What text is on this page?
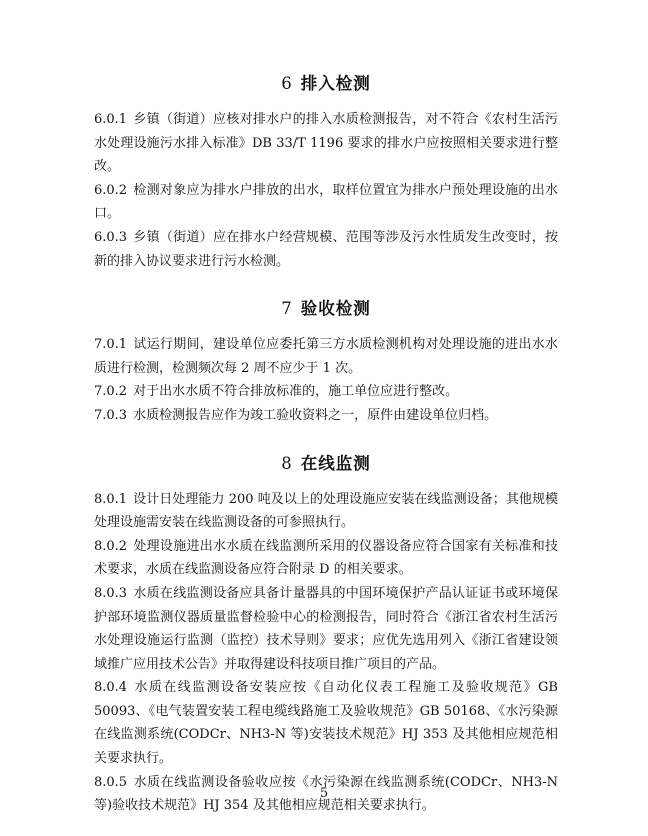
6 排入检测

6.0.1 乡镇（街道）应核对排水户的排入水质检测报告，对不符合《农村生活污水处理设施污水排入标准》DB 33/T 1196 要求的排水户应按照相关要求进行整改。

6.0.2 检测对象应为排水户排放的出水，取样位置宜为排水户预处理设施的出水口。

6.0.3 乡镇（街道）应在排水户经营规模、范围等涉及污水性质发生改变时，按新的排入协议要求进行污水检测。

7 验收检测

7.0.1 试运行期间，建设单位应委托第三方水质检测机构对处理设施的进出水水质进行检测，检测频次每 2 周不应少于 1 次。

7.0.2 对于出水水质不符合排放标准的，施工单位应进行整改。

7.0.3 水质检测报告应作为竣工验收资料之一，原件由建设单位归档。

8 在线监测

8.0.1 设计日处理能力 200 吨及以上的处理设施应安装在线监测设备；其他规模处理设施需安装在线监测设备的可参照执行。

8.0.2 处理设施进出水水质在线监测所采用的仪器设备应符合国家有关标准和技术要求，水质在线监测设备应符合附录 D 的相关要求。

8.0.3 水质在线监测设备应具备计量器具的中国环境保护产品认证证书或环境保护部环境监测仪器质量监督检验中心的检测报告，同时符合《浙江省农村生活污水处理设施运行监测（监控）技术导则》要求；应优先选用列入《浙江省建设领域推广应用技术公告》并取得建设科技项目推广项目的产品。

8.0.4 水质在线监测设备安装应按《自动化仪表工程施工及验收规范》GB 50093、《电气装置安装工程电缆线路施工及验收规范》GB 50168、《水污染源在线监测系统(CODCr、NH3-N 等)安装技术规范》HJ 353 及其他相应规范相关要求执行。

8.0.5 水质在线监测设备验收应按《水污染源在线监测系统(CODCr、NH3-N 等)验收技术规范》HJ 354 及其他相应规范相关要求执行。

5
